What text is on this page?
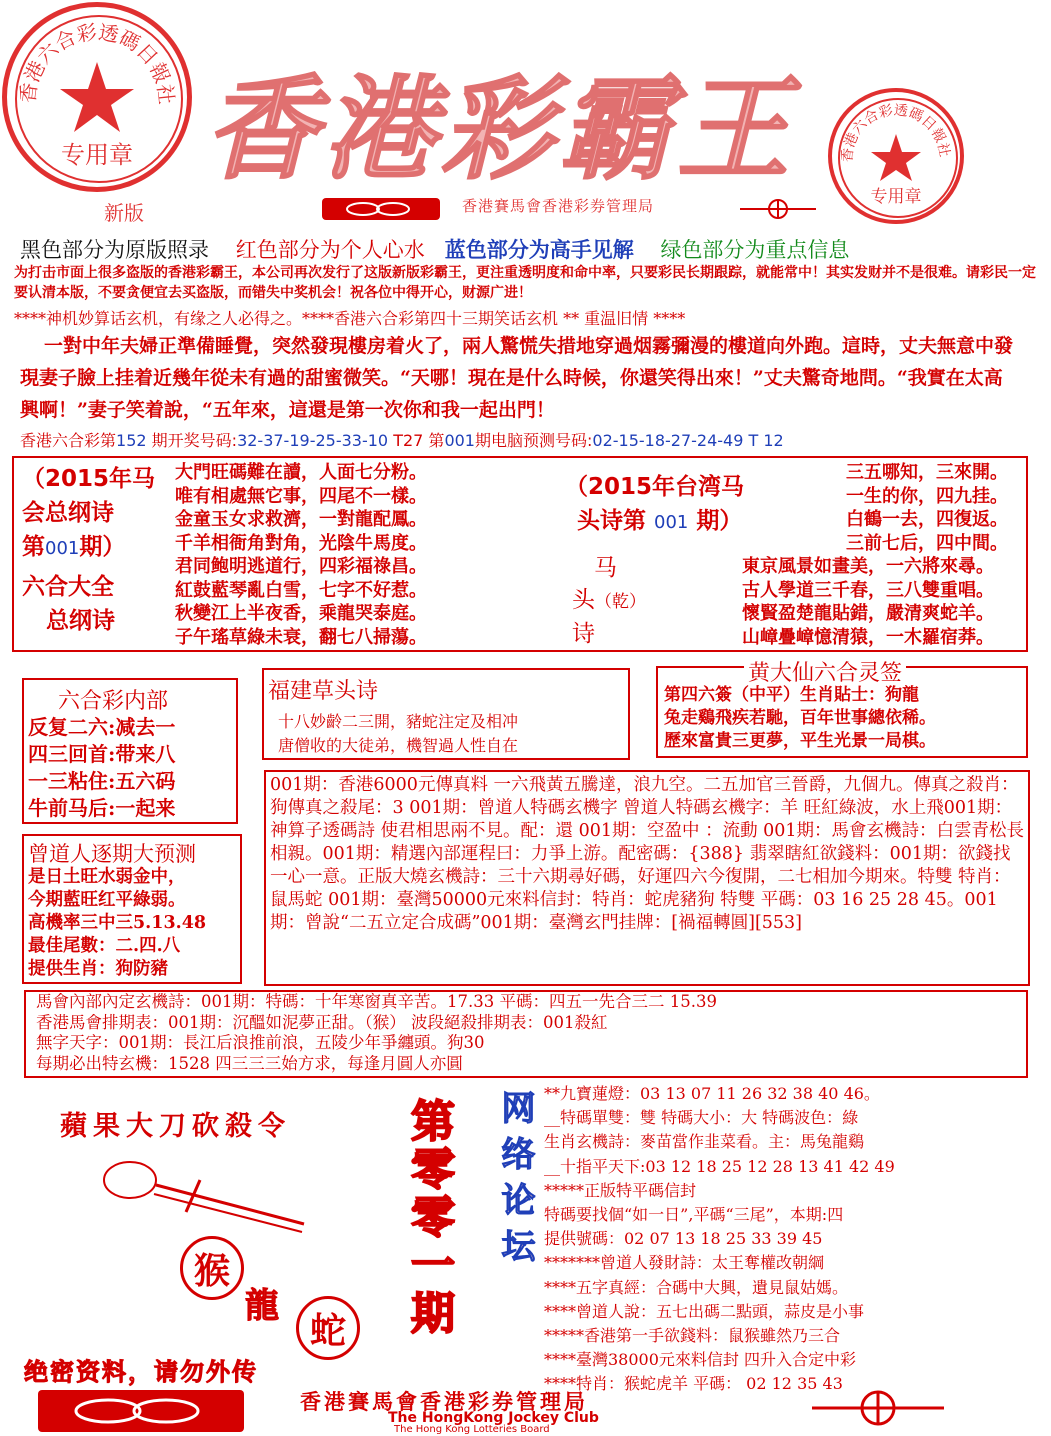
香港六合彩透碼日報社
专用章 香港彩霸王	香港六合彩透碼日報社
专用章
新版	香港賽馬會香港彩券管理局
黑色部分为原版照录 红色部分为个人心水 蓝色部分为高手见解 绿色部分为重点信息
为打击市面上很多盗版的香港彩霸王，本公司再次发行了这版新版彩霸王，更注重透明度和命中率，只要彩民长期跟踪，就能常中！其实发财并不是很难。请彩民一定要认清本版，不要贪便宜去买盗版，而错失中奖机会！祝各位中得开心，财源广进！
****神机妙算话玄机，有缘之人必得之。****香港六合彩第四十三期笑话玄机 ** 重温旧情 ****
一對中年夫婦正準備睡覺，突然發現樓房着火了，兩人驚慌失措地穿過烟霧彌漫的樓道向外跑。這時，丈夫無意中發現妻子臉上挂着近幾年從未有過的甜蜜微笑。“天哪！現在是什么時候，你還笑得出來！”丈夫驚奇地問。“我實在太高興啊！”妻子笑着說，“五年來，這還是第一次你和我一起出門！
香港六合彩第152 期开奖号码:32-37-19-25-33-10 T27 第001期电脑预测号码:02-15-18-27-24-49 T 12
（2015年马
会总纲诗
第001期）
六合大全
总纲诗
大門旺碼難在讀，人面七分粉。
唯有相處無它事，四尾不一樣。
金童玉女求救濟，一對龍配鳳。
千羊相衙角對角，光陰牛馬度。
君同鲍明逃道行，四彩福祿昌。
紅鼓藍琴亂白雪，七字不好惹。
秋變江上半夜香，乘龍哭泰庭。
子午瑤草綠未衰，翻七八掃蕩。
（2015年台湾马
头诗第 001 期）
马
头（乾）
诗
三五哪知，三來開。
一生的你，四九挂。
白鶴一去，四復返。
三前七后，四中間。
東京風景如畫美，一六將來尋。
古人學道三千春，三八雙重唱。
懷賢盈楚龍貼錯，嚴清爽蛇羊。
山嶂疊嶂憶清猿，一木羅宿莽。
六合彩内部
反复二六:减去一
四三回首:带来八
一三粘住:五六码
牛前马后:一起来
福建草头诗
十八妙齡二三開，豬蛇注定及相冲
唐僧收的大徒弟，機智過人性自在
黄大仙六合灵签
第四六簽（中平）生肖貼士：狗龍
兔走鷄飛疾若馳，百年世事總依稀。
歷來富貴三更夢，平生光景一局棋。
曾道人逐期大预测
是日土旺水弱金中，
今期藍旺红平綠弱。
高機率三中三5.13.48
最佳尾數：二.四.八
提供生肖：狗防豬
001期：香港6000元傳真料 一六飛黃五騰達，浪九空。二五加官三晉爵，九個九。傳真之殺肖：狗傳真之殺尾：3 001期：曾道人特碼玄機字 曾道人特碼玄機字：羊 旺紅綠波，水上飛001期：神算子透碼詩 使君相思兩不見。配：還 001期：空盈中 ：流動 001期：馬會玄機詩：白雲青松長相親。001期：精選內部運程曰：力爭上游。配密碼：{388} 翡翠瞎紅欲錢料：001期：欲錢找一心一意。正版大燒玄機詩：三十六期尋好碼，好運四六今復開，二七相加今期來。特雙 特肖：鼠馬蛇 001期：臺灣50000元來料信封：特肖：蛇虎豬狗 特雙 平碼：03 16 25 28 45。001期：曾說“二五立定合成碼”001期：臺灣玄門挂牌：[禍福轉圓][553]
馬會內部內定玄機詩：001期：特碼：十年寒窗真辛苦。17.33 平碼：四五一先合三二 15.39
香港馬會排期表：001期：沉醞如泥夢正甜。（猴） 波段絕殺排期表：001殺紅
無字天字：001期：長江后浪推前浪，五陵少年爭纏頭。狗30
每期必出特玄機：1528 四三三三始方求，每逢月圓人亦圓
蘋果大刀砍殺令
猴
龍
蛇
绝密资料，请勿外传
第零零一期 网络论坛 **九寶蓮燈：03 13 07 11 26 32 38 40 46。
__特碼單雙：雙 特碼大小：大 特碼波色：綠
生肖玄機詩：麥苗當作韭菜看。主：馬兔龍鷄
__十指平天下:03 12 18 25 12 28 13 41 42 49
*****正版特平碼信封
特碼要找個“如一日”,平碼“三尾”，本期:四
提供號碼：02 07 13 18 25 33 39 45
*******曾道人發財詩：太王奪權改朝綱
****五字真經：合碼中大興，遺見鼠姑媽。
****曾道人說：五七出碼二點頭，蒜皮是小事
*****香港第一手欲錢料：鼠猴雖然乃三合
****臺灣38000元來料信封 四升入合定中彩
****特肖：猴蛇虎羊 平碼： 02 12 35 43
香港賽馬會香港彩券管理局
The HongKong Jockey Club
The Hong Kong Lotteries Board
